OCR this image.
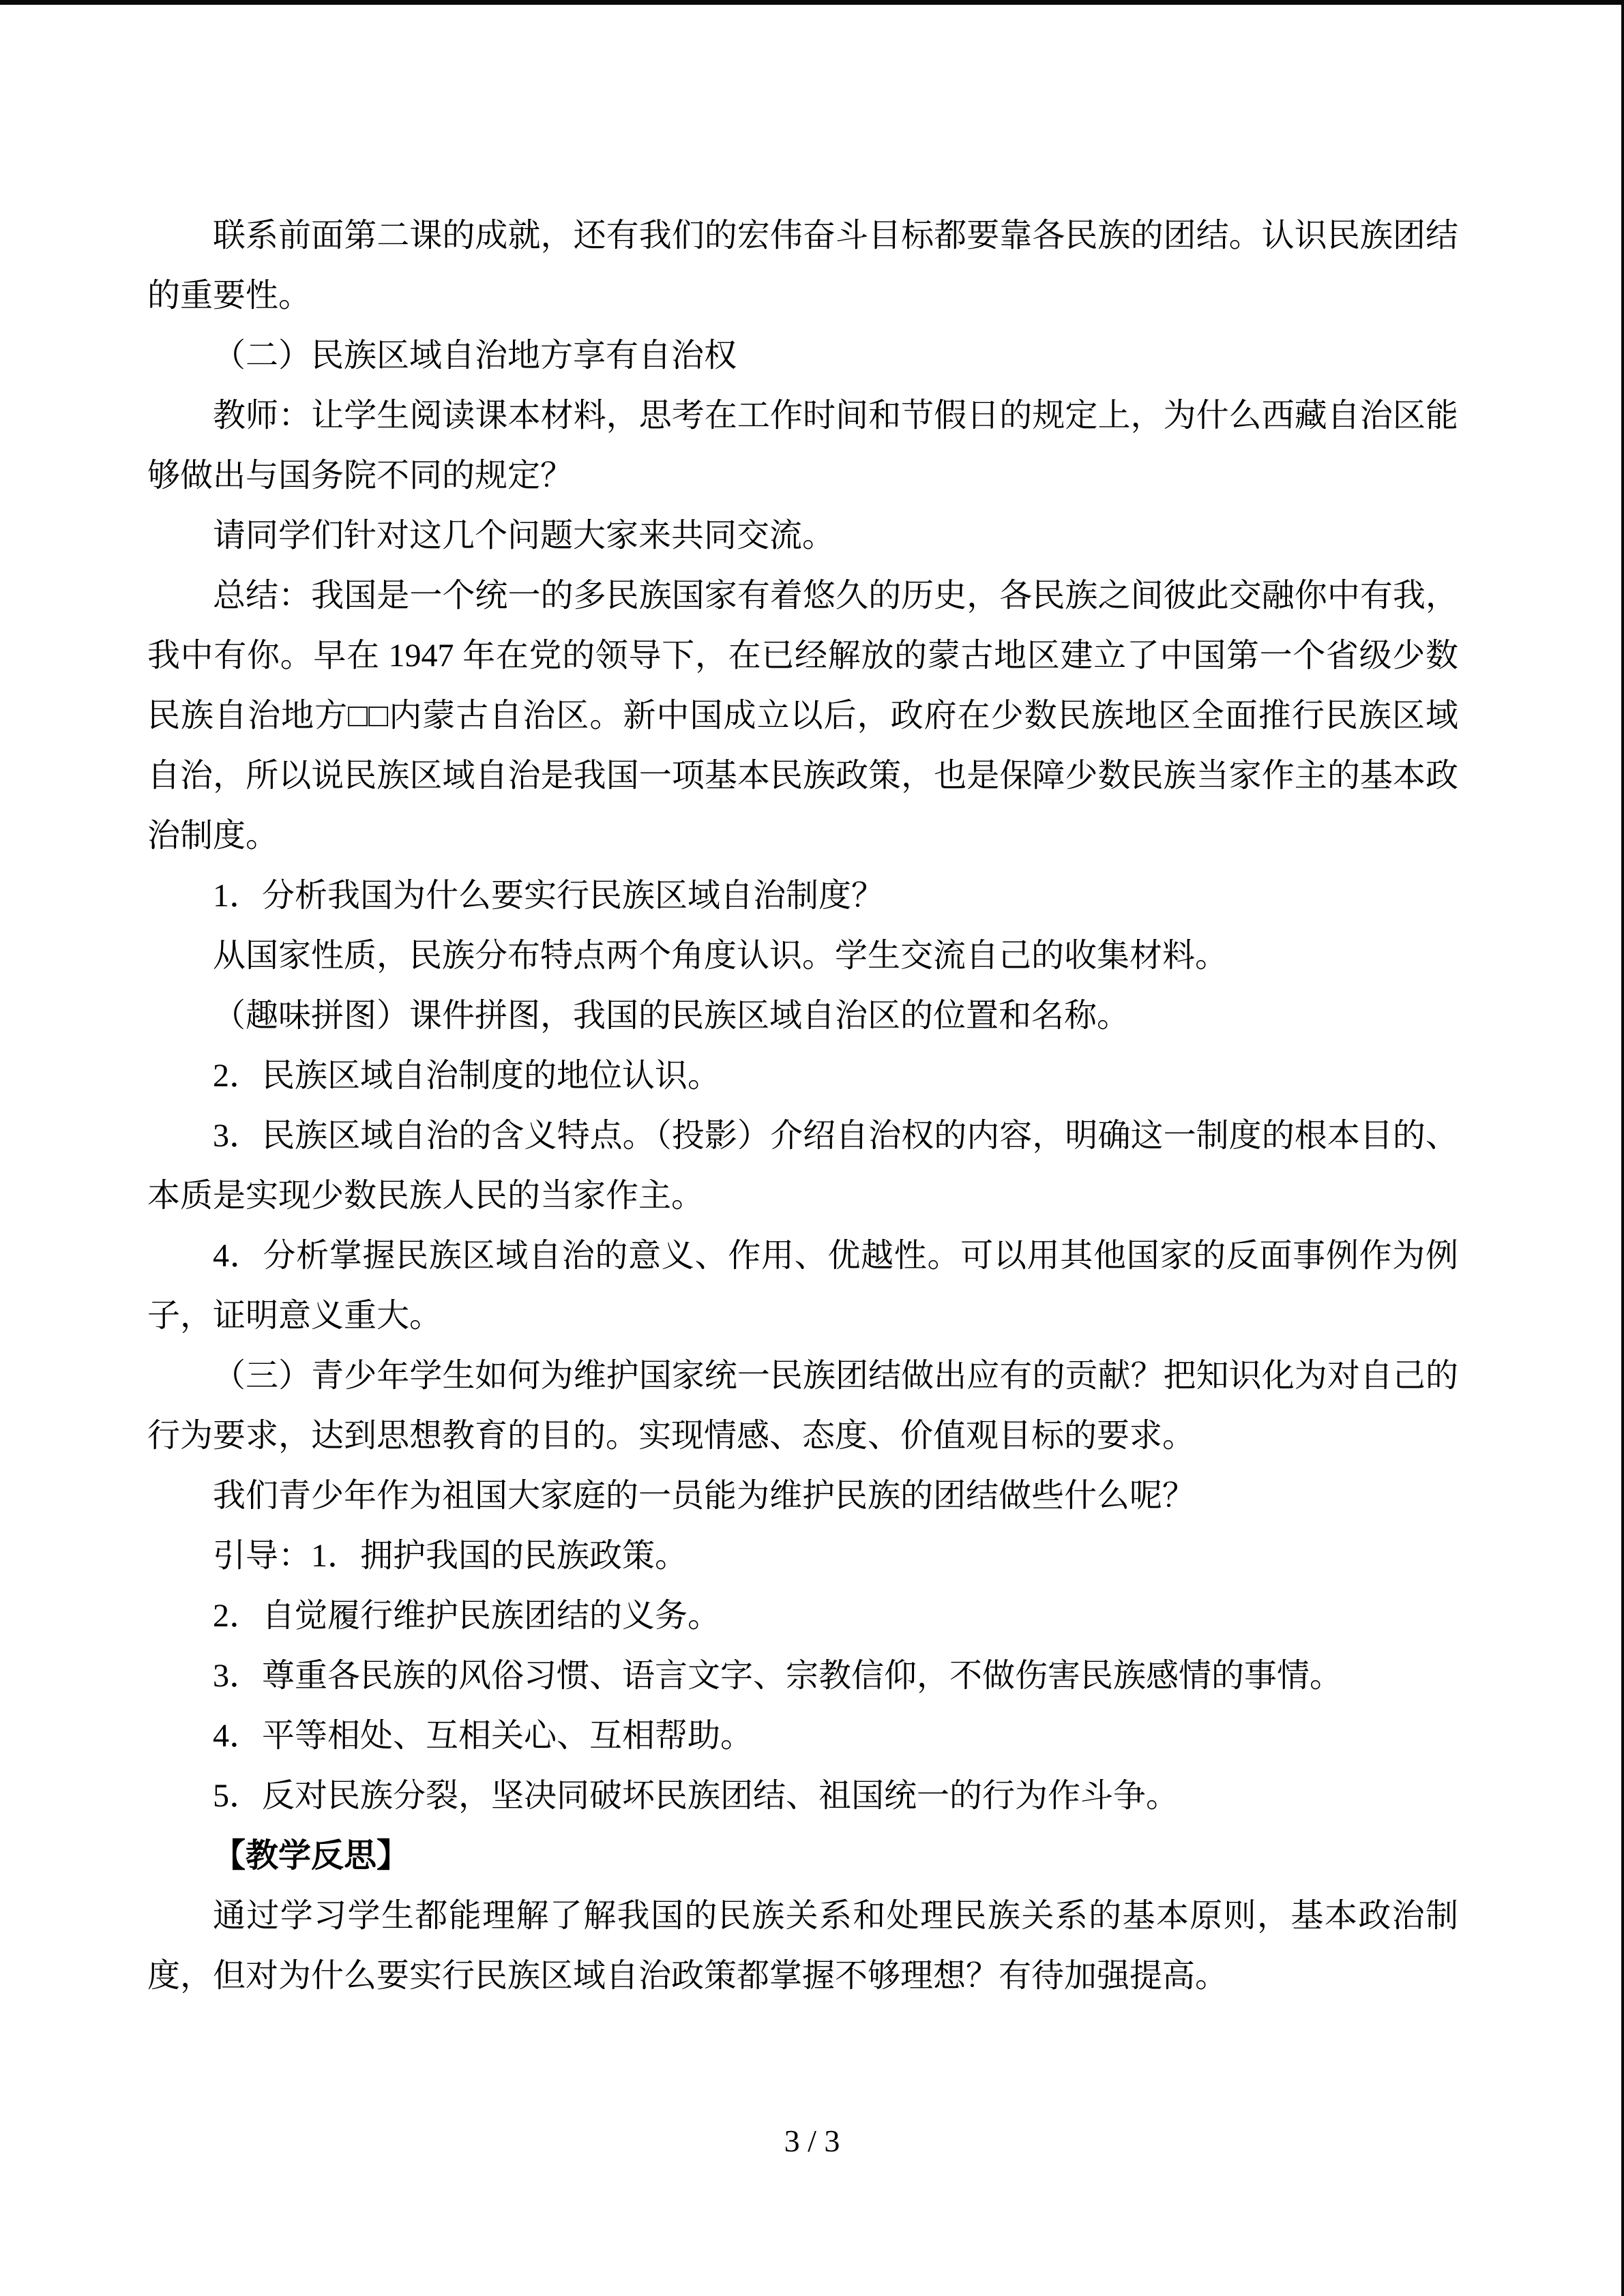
联系前面第二课的成就，还有我们的宏伟奋斗目标都要靠各民族的团结。认识民族团结的重要性。

（二）民族区域自治地方享有自治权

教师：让学生阅读课本材料，思考在工作时间和节假日的规定上，为什么西藏自治区能够做出与国务院不同的规定？

请同学们针对这几个问题大家来共同交流。

总结：我国是一个统一的多民族国家有着悠久的历史，各民族之间彼此交融你中有我，我中有你。早在 1947 年在党的领导下，在已经解放的蒙古地区建立了中国第一个省级少数民族自治地方□□内蒙古自治区。新中国成立以后，政府在少数民族地区全面推行民族区域自治，所以说民族区域自治是我国一项基本民族政策，也是保障少数民族当家作主的基本政治制度。

1．分析我国为什么要实行民族区域自治制度？

从国家性质，民族分布特点两个角度认识。学生交流自己的收集材料。

（趣味拼图）课件拼图，我国的民族区域自治区的位置和名称。

2．民族区域自治制度的地位认识。

3．民族区域自治的含义特点。（投影）介绍自治权的内容，明确这一制度的根本目的、本质是实现少数民族人民的当家作主。

4．分析掌握民族区域自治的意义、作用、优越性。可以用其他国家的反面事例作为例子，证明意义重大。

（三）青少年学生如何为维护国家统一民族团结做出应有的贡献？把知识化为对自己的行为要求，达到思想教育的目的。实现情感、态度、价值观目标的要求。

我们青少年作为祖国大家庭的一员能为维护民族的团结做些什么呢？

引导：1．拥护我国的民族政策。

2．自觉履行维护民族团结的义务。

3．尊重各民族的风俗习惯、语言文字、宗教信仰，不做伤害民族感情的事情。

4．平等相处、互相关心、互相帮助。

5．反对民族分裂，坚决同破坏民族团结、祖国统一的行为作斗争。

【教学反思】

通过学习学生都能理解了解我国的民族关系和处理民族关系的基本原则，基本政治制度，但对为什么要实行民族区域自治政策都掌握不够理想？有待加强提高。

3 / 3
